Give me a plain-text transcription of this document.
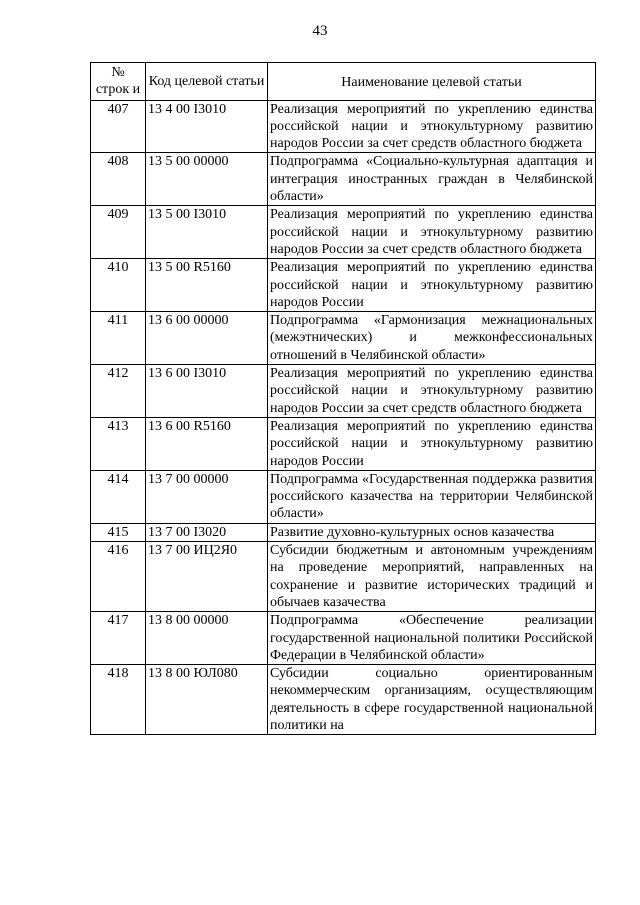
43
№ строк и	Код целевой статьи	Наименование целевой статьи
407	13 4 00 I3010	Реализация мероприятий по укреплению единства российской нации и этнокультурному развитию народов России за счет средств областного бюджета
408	13 5 00 00000	Подпрограмма «Социально-культурная адаптация и интеграция иностранных граждан в Челябинской области»
409	13 5 00 I3010	Реализация мероприятий по укреплению единства российской нации и этнокультурному развитию народов России за счет средств областного бюджета
410	13 5 00 R5160	Реализация мероприятий по укреплению единства российской нации и этнокультурному развитию народов России
411	13 6 00 00000	Подпрограмма «Гармонизация межнациональных (межэтнических) и межконфессиональных отношений в Челябинской области»
412	13 6 00 I3010	Реализация мероприятий по укреплению единства российской нации и этнокультурному развитию народов России за счет средств областного бюджета
413	13 6 00 R5160	Реализация мероприятий по укреплению единства российской нации и этнокультурному развитию народов России
414	13 7 00 00000	Подпрограмма «Государственная поддержка развития российского казачества на территории Челябинской области»
415	13 7 00 I3020	Развитие духовно-культурных основ казачества
416	13 7 00 ИЦ2Я0	Субсидии бюджетным и автономным учреждениям на проведение мероприятий, направленных на сохранение и развитие исторических традиций и обычаев казачества
417	13 8 00 00000	Подпрограмма «Обеспечение реализации государственной национальной политики Российской Федерации в Челябинской области»
418	13 8 00 ЮЛ080	Субсидии социально ориентированным некоммерческим организациям, осуществляющим деятельность в сфере государственной национальной политики на
